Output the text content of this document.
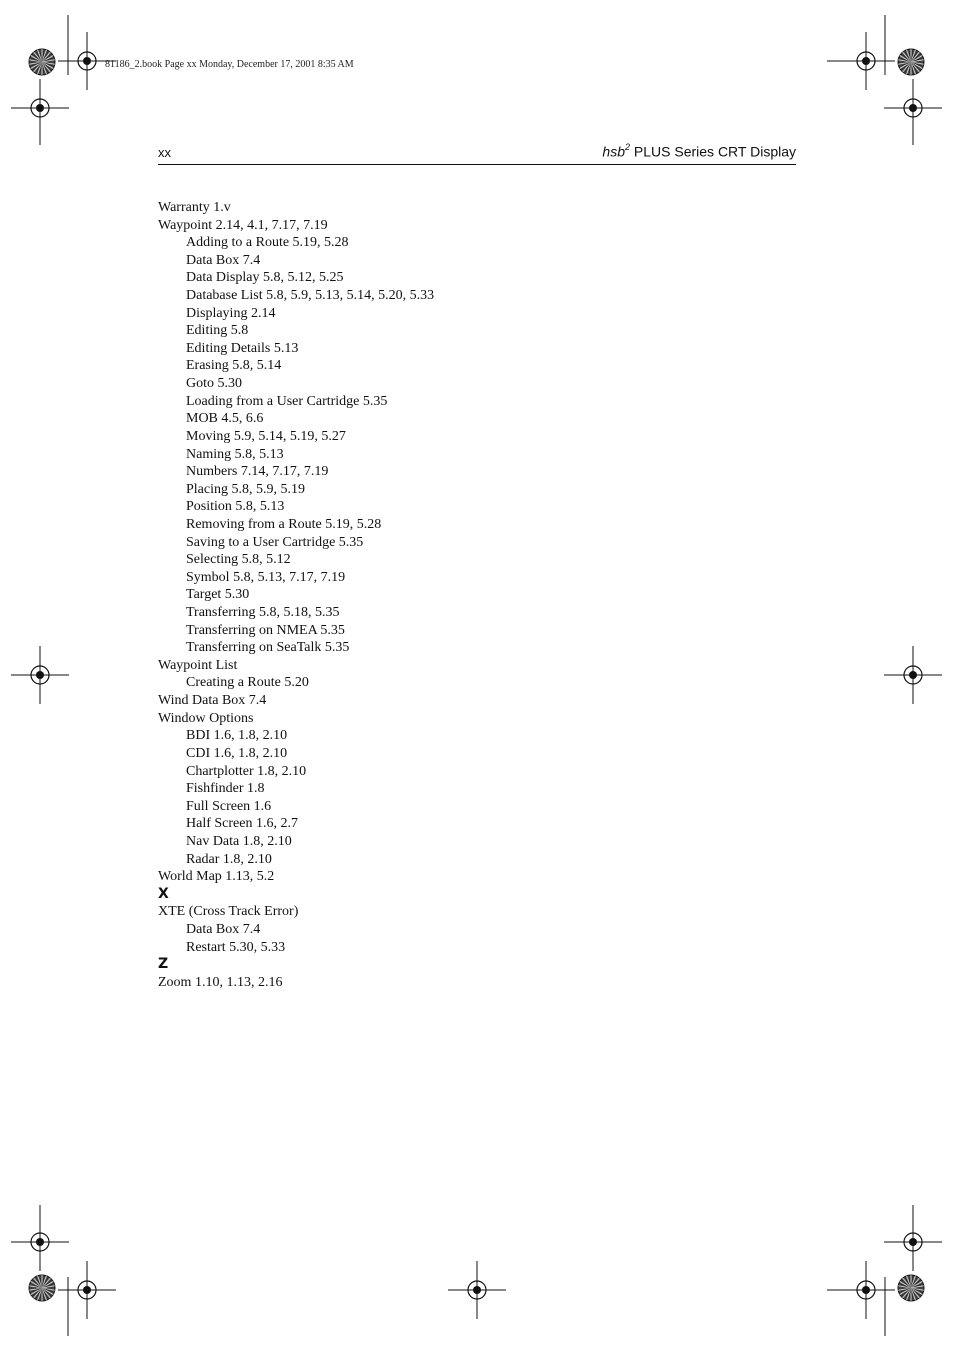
81186_2.book Page xx Monday, December 17, 2001 8:35 AM
xx	hsb$^2$ PLUS Series CRT Display
Warranty 1.v
Waypoint 2.14, 4.1, 7.17, 7.19
Adding to a Route 5.19, 5.28
Data Box 7.4
Data Display 5.8, 5.12, 5.25
Database List 5.8, 5.9, 5.13, 5.14, 5.20, 5.33
Displaying 2.14
Editing 5.8
Editing Details 5.13
Erasing 5.8, 5.14
Goto 5.30
Loading from a User Cartridge 5.35
MOB 4.5, 6.6
Moving 5.9, 5.14, 5.19, 5.27
Naming 5.8, 5.13
Numbers 7.14, 7.17, 7.19
Placing 5.8, 5.9, 5.19
Position 5.8, 5.13
Removing from a Route 5.19, 5.28
Saving to a User Cartridge 5.35
Selecting 5.8, 5.12
Symbol 5.8, 5.13, 7.17, 7.19
Target 5.30
Transferring 5.8, 5.18, 5.35
Transferring on NMEA 5.35
Transferring on SeaTalk 5.35
Waypoint List
Creating a Route 5.20
Wind Data Box 7.4
Window Options
BDI 1.6, 1.8, 2.10
CDI 1.6, 1.8, 2.10
Chartplotter 1.8, 2.10
Fishfinder 1.8
Full Screen 1.6
Half Screen 1.6, 2.7
Nav Data 1.8, 2.10
Radar 1.8, 2.10
World Map 1.13, 5.2
X
XTE (Cross Track Error)
Data Box 7.4
Restart 5.30, 5.33
Z
Zoom 1.10, 1.13, 2.16
